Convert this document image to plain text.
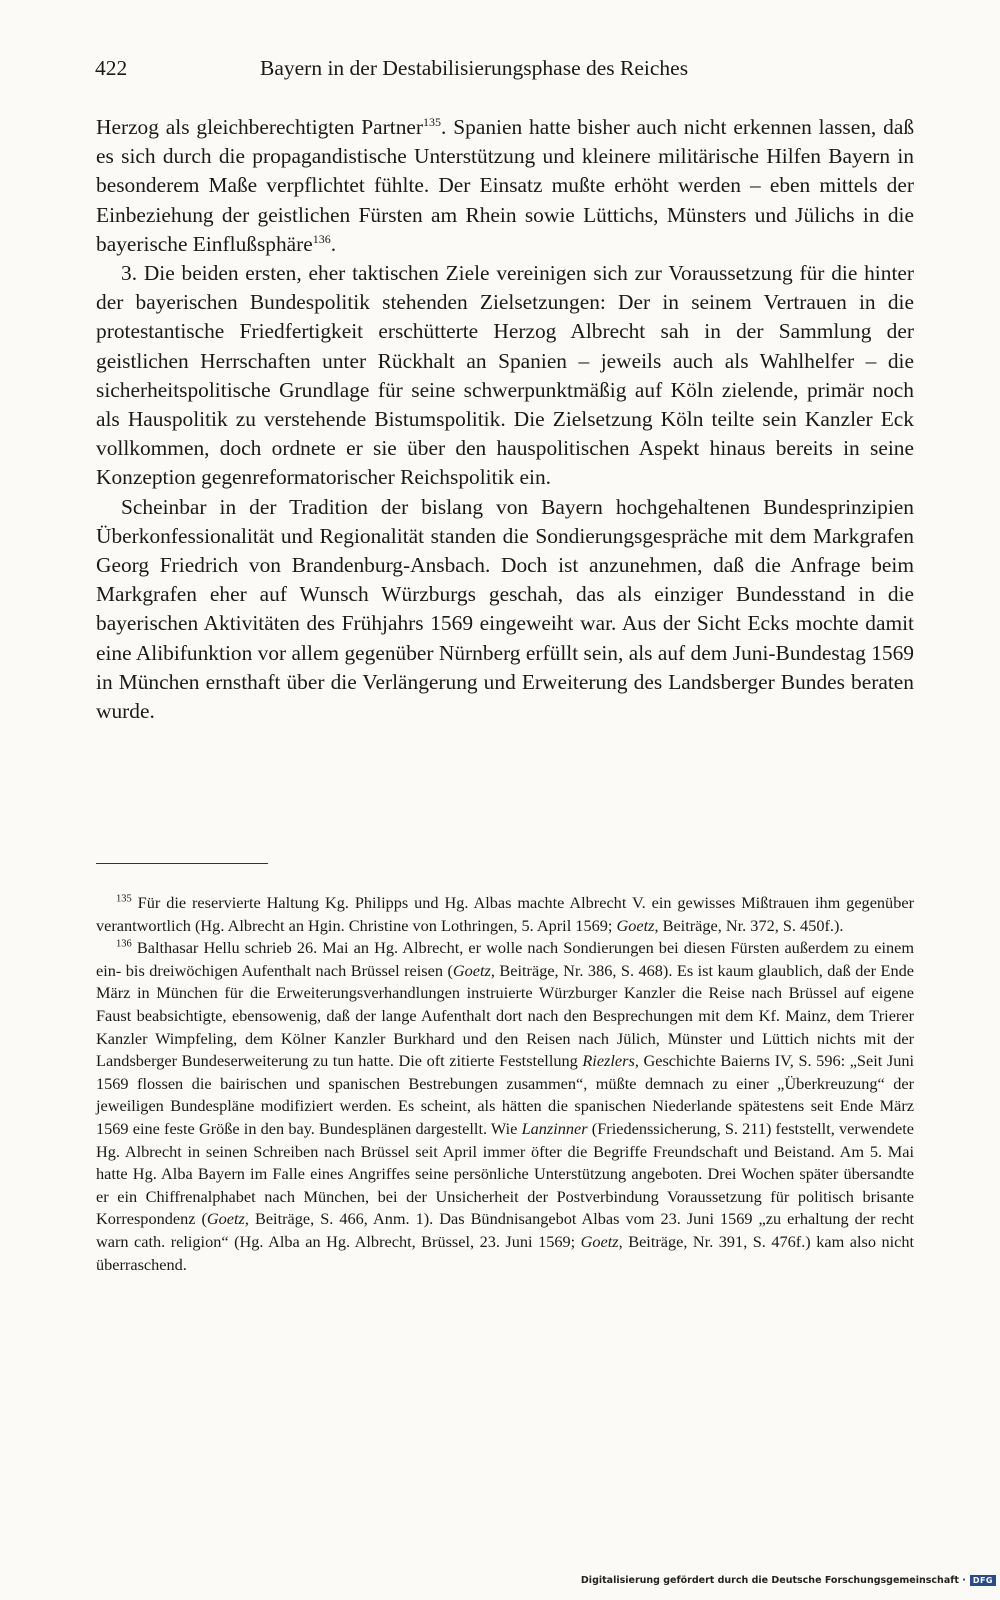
422	Bayern in der Destabilisierungsphase des Reiches

Herzog als gleichberechtigten Partner$^{135}$. Spanien hatte bisher auch nicht erkennen lassen, daß es sich durch die propagandistische Unterstützung und kleinere militärische Hilfen Bayern in besonderem Maße verpflichtet fühlte. Der Einsatz mußte erhöht werden – eben mittels der Einbeziehung der geistlichen Fürsten am Rhein sowie Lüttichs, Münsters und Jülichs in die bayerische Einflußsphäre$^{136}$.

3. Die beiden ersten, eher taktischen Ziele vereinigen sich zur Voraussetzung für die hinter der bayerischen Bundespolitik stehenden Zielsetzungen: Der in seinem Vertrauen in die protestantische Friedfertigkeit erschütterte Herzog Albrecht sah in der Sammlung der geistlichen Herrschaften unter Rückhalt an Spanien – jeweils auch als Wahlhelfer – die sicherheitspolitische Grundlage für seine schwerpunktmäßig auf Köln zielende, primär noch als Hauspolitik zu verstehende Bistumspolitik. Die Zielsetzung Köln teilte sein Kanzler Eck vollkommen, doch ordnete er sie über den hauspolitischen Aspekt hinaus bereits in seine Konzeption gegenreformatorischer Reichspolitik ein.

Scheinbar in der Tradition der bislang von Bayern hochgehaltenen Bundesprinzipien Überkonfessionalität und Regionalität standen die Sondierungsgespräche mit dem Markgrafen Georg Friedrich von Brandenburg-Ansbach. Doch ist anzunehmen, daß die Anfrage beim Markgrafen eher auf Wunsch Würzburgs geschah, das als einziger Bundesstand in die bayerischen Aktivitäten des Frühjahrs 1569 eingeweiht war. Aus der Sicht Ecks mochte damit eine Alibifunktion vor allem gegenüber Nürnberg erfüllt sein, als auf dem Juni-Bundestag 1569 in München ernsthaft über die Verlängerung und Erweiterung des Landsberger Bundes beraten wurde.

$^{135}$ Für die reservierte Haltung Kg. Philipps und Hg. Albas machte Albrecht V. ein gewisses Mißtrauen ihm gegenüber verantwortlich (Hg. Albrecht an Hgin. Christine von Lothringen, 5. April 1569; Goetz, Beiträge, Nr. 372, S. 450f.).

$^{136}$ Balthasar Hellu schrieb 26. Mai an Hg. Albrecht, er wolle nach Sondierungen bei diesen Fürsten außerdem zu einem ein- bis dreiwöchigen Aufenthalt nach Brüssel reisen (Goetz, Beiträge, Nr. 386, S. 468). Es ist kaum glaublich, daß der Ende März in München für die Erweiterungsverhandlungen instruierte Würzburger Kanzler die Reise nach Brüssel auf eigene Faust beabsichtigte, ebensowenig, daß der lange Aufenthalt dort nach den Besprechungen mit dem Kf. Mainz, dem Trierer Kanzler Wimpfeling, dem Kölner Kanzler Burkhard und den Reisen nach Jülich, Münster und Lüttich nichts mit der Landsberger Bundeserweiterung zu tun hatte. Die oft zitierte Feststellung Riezlers, Geschichte Baierns IV, S. 596: „Seit Juni 1569 flossen die bairischen und spanischen Bestrebungen zusammen“, müßte demnach zu einer „Überkreuzung“ der jeweiligen Bundespläne modifiziert werden. Es scheint, als hätten die spanischen Niederlande spätestens seit Ende März 1569 eine feste Größe in den bay. Bundesplänen dargestellt. Wie Lanzinner (Friedenssicherung, S. 211) feststellt, verwendete Hg. Albrecht in seinen Schreiben nach Brüssel seit April immer öfter die Begriffe Freundschaft und Beistand. Am 5. Mai hatte Hg. Alba Bayern im Falle eines Angriffes seine persönliche Unterstützung angeboten. Drei Wochen später übersandte er ein Chiffrenalphabet nach München, bei der Unsicherheit der Postverbindung Voraussetzung für politisch brisante Korrespondenz (Goetz, Beiträge, S. 466, Anm. 1). Das Bündnisangebot Albas vom 23. Juni 1569 „zu erhaltung der recht warn cath. religion“ (Hg. Alba an Hg. Albrecht, Brüssel, 23. Juni 1569; Goetz, Beiträge, Nr. 391, S. 476f.) kam also nicht überraschend.

Digitalisierung gefördert durch die Deutsche Forschungsgemeinschaft · DFG
